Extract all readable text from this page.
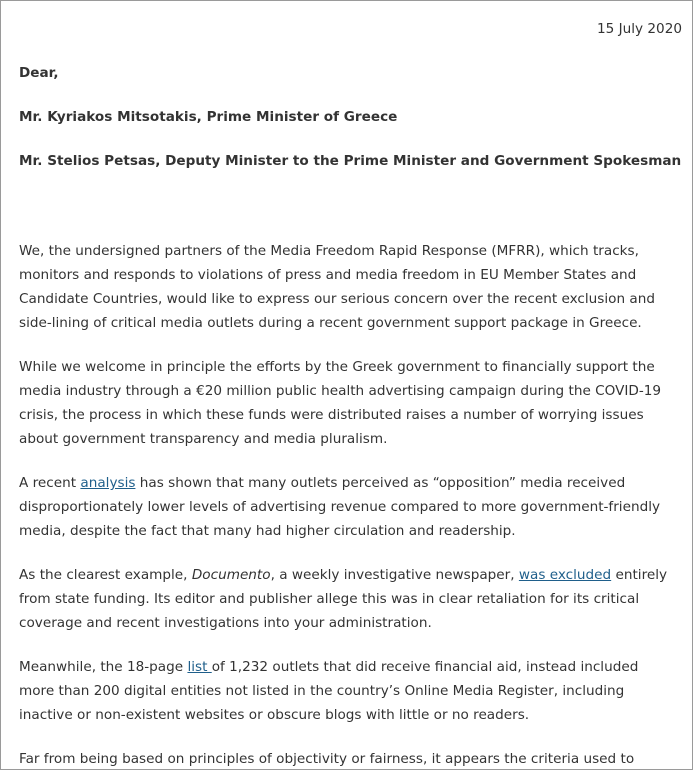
15 July 2020
Dear,
Mr. Kyriakos Mitsotakis, Prime Minister of Greece
Mr. Stelios Petsas, Deputy Minister to the Prime Minister and Government Spokesman

We, the undersigned partners of the Media Freedom Rapid Response (MFRR), which tracks,
monitors and responds to violations of press and media freedom in EU Member States and
Candidate Countries, would like to express our serious concern over the recent exclusion and
side-lining of critical media outlets during a recent government support package in Greece.

While we welcome in principle the efforts by the Greek government to financially support the
media industry through a €20 million public health advertising campaign during the COVID-19
crisis, the process in which these funds were distributed raises a number of worrying issues
about government transparency and media pluralism.

A recent analysis has shown that many outlets perceived as “opposition” media received
disproportionately lower levels of advertising revenue compared to more government-friendly
media, despite the fact that many had higher circulation and readership.

As the clearest example, Documento, a weekly investigative newspaper, was excluded entirely
from state funding. Its editor and publisher allege this was in clear retaliation for its critical
coverage and recent investigations into your administration.

Meanwhile, the 18-page list of 1,232 outlets that did receive financial aid, instead included
more than 200 digital entities not listed in the country’s Online Media Register, including
inactive or non-existent websites or obscure blogs with little or no readers.

Far from being based on principles of objectivity or fairness, it appears the criteria used to
